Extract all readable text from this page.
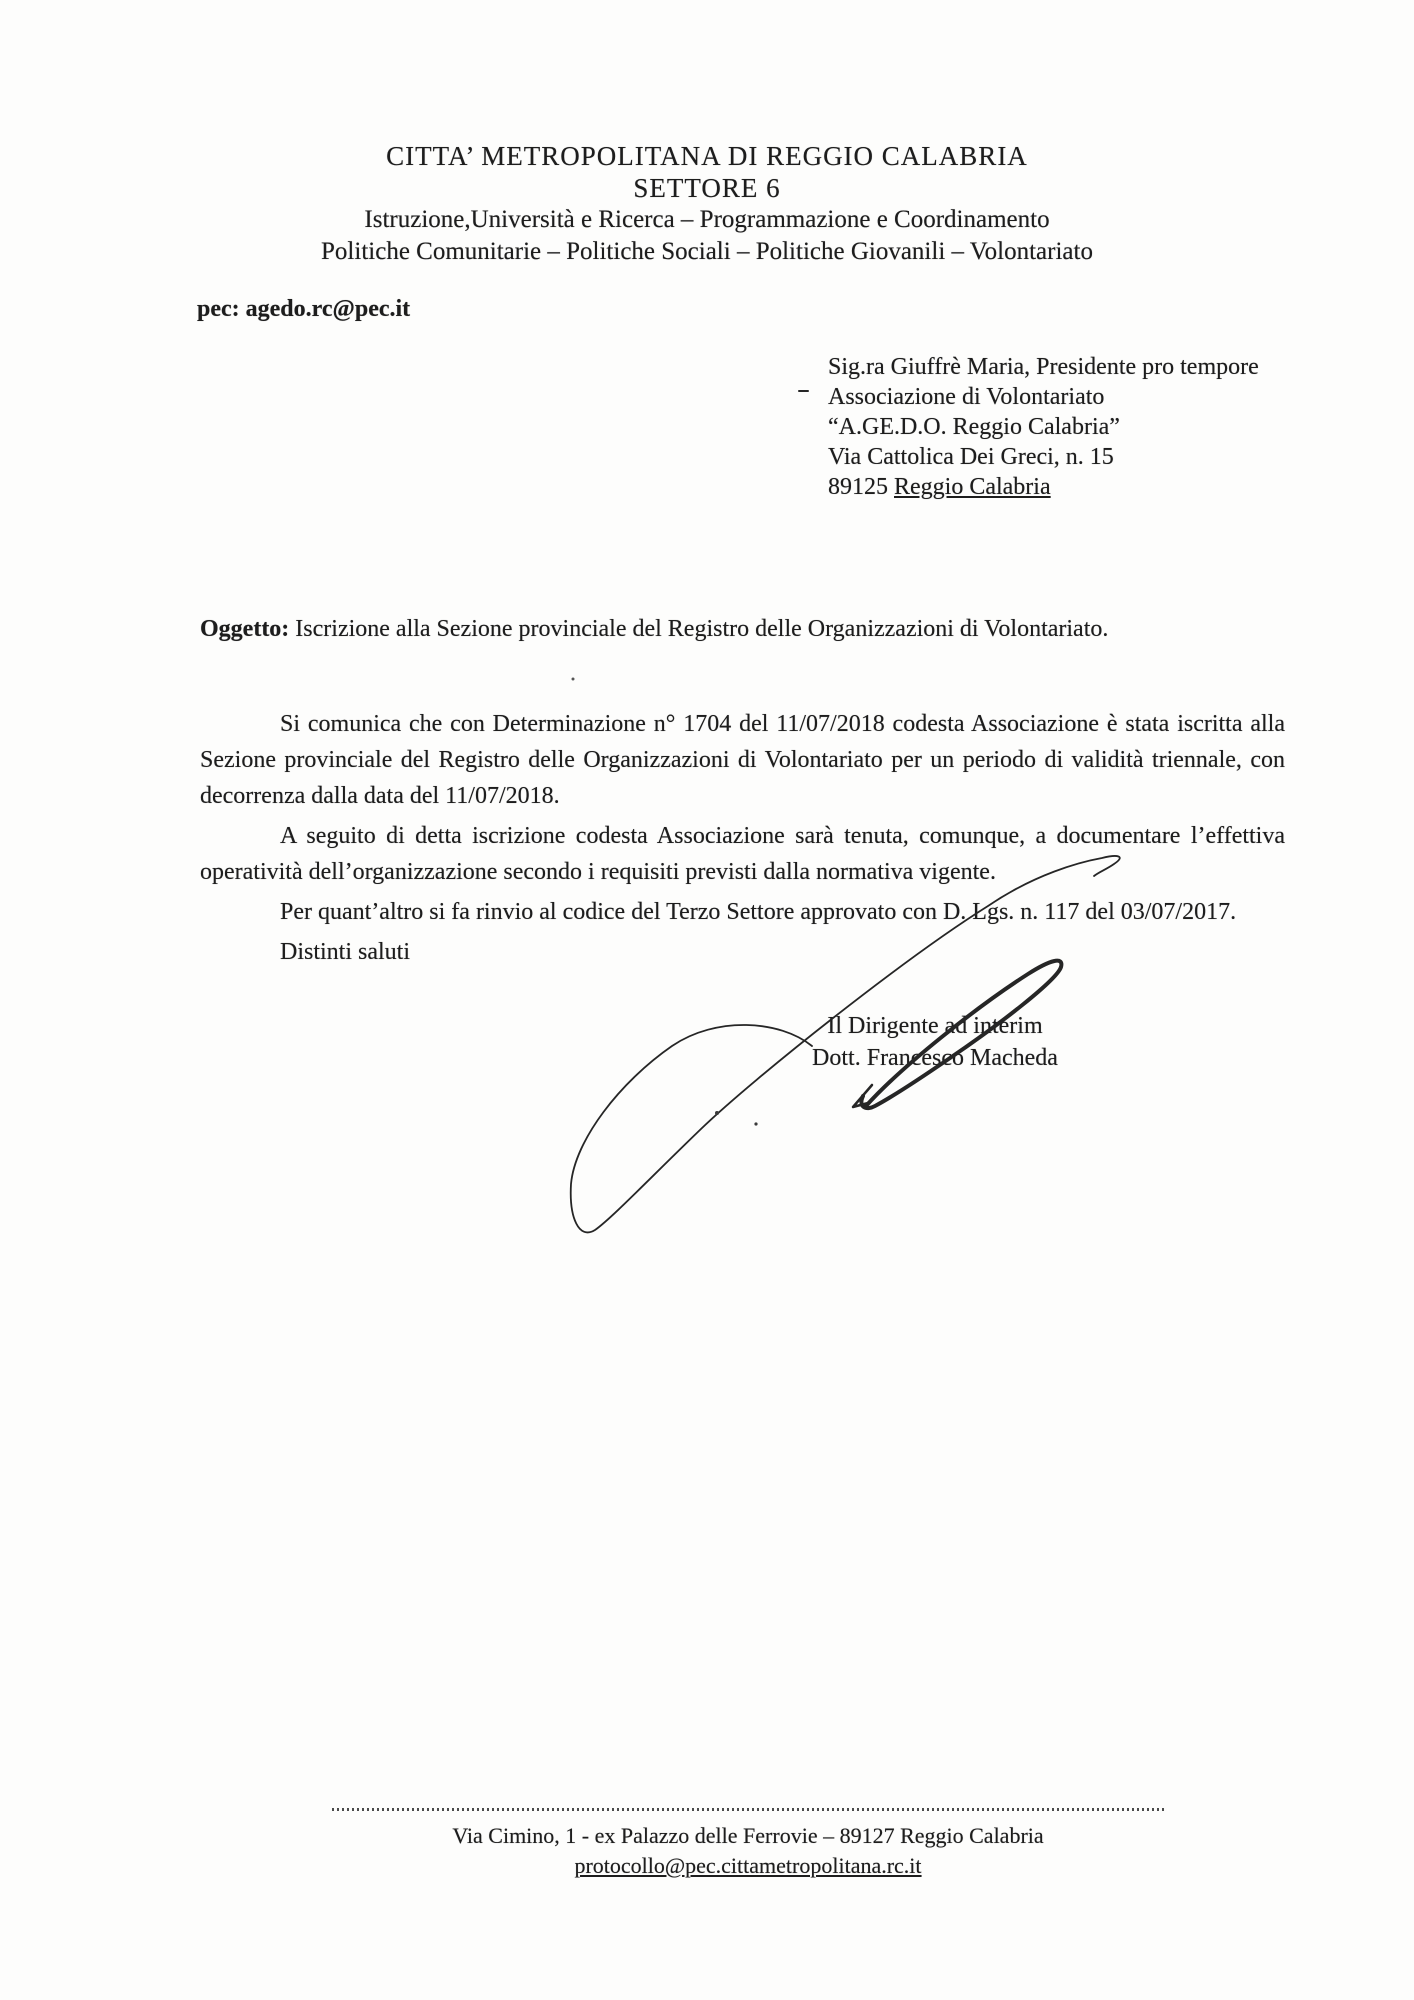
CITTA’ METROPOLITANA DI REGGIO CALABRIA
SETTORE 6
Istruzione,Università e Ricerca – Programmazione e Coordinamento
Politiche Comunitarie – Politiche Sociali – Politiche Giovanili – Volontariato
pec: agedo.rc@pec.it
Sig.ra Giuffrè Maria, Presidente pro tempore
Associazione di Volontariato
“A.GE.D.O. Reggio Calabria”
Via Cattolica Dei Greci, n. 15
89125 Reggio Calabria
Oggetto: Iscrizione alla Sezione provinciale del Registro delle Organizzazioni di Volontariato.

Si comunica che con Determinazione n° 1704 del 11/07/2018 codesta Associazione è stata iscritta alla Sezione provinciale del Registro delle Organizzazioni di Volontariato per un periodo di validità triennale, con decorrenza dalla data del 11/07/2018.

A seguito di detta iscrizione codesta Associazione sarà tenuta, comunque, a documentare l’effettiva operatività dell’organizzazione secondo i requisiti previsti dalla normativa vigente.

Per quant’altro si fa rinvio al codice del Terzo Settore approvato con D. Lgs. n. 117 del 03/07/2017.

Distinti saluti

Il Dirigente ad interim
Dott. Francesco Macheda
Via Cimino, 1 - ex Palazzo delle Ferrovie – 89127 Reggio Calabria
protocollo@pec.cittametropolitana.rc.it
